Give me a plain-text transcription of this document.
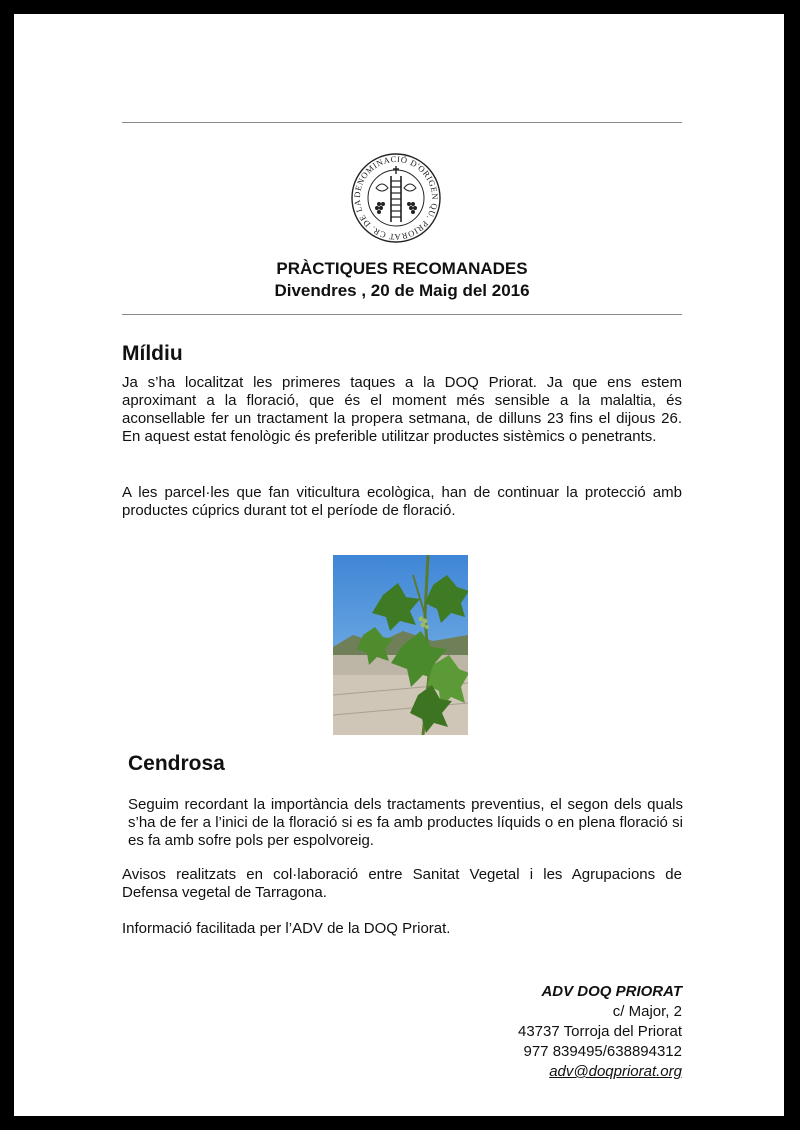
DENOMINACIÓ D'ORIGEN QU. PRIORAT CR. DE LA
PRÀCTIQUES RECOMANADES
Divendres , 20 de Maig del 2016
Míldiu

Ja s’ha localitzat les primeres taques a la DOQ Priorat. Ja que ens estem aproximant a la floració, que és el moment més sensible a la malaltia, és aconsellable fer un tractament la propera setmana, de dilluns 23 fins el dijous 26. En aquest estat fenològic és preferible utilitzar productes sistèmics o penetrants.

A les parcel·les que fan viticultura ecològica, han de continuar la protecció amb productes cúprics durant tot el període de floració.

Cendrosa

Seguim recordant la importància dels tractaments preventius, el segon dels quals s’ha de fer a l’inici de la floració si es fa amb productes líquids o en plena floració si es fa amb sofre pols per espolvoreig.

Avisos realitzats en col·laboració entre Sanitat Vegetal i les Agrupacions de Defensa vegetal de Tarragona.

Informació facilitada per l’ADV de la DOQ Priorat.

ADV DOQ PRIORAT
c/ Major, 2
43737 Torroja del Priorat
977 839495/638894312
adv@doqpriorat.org
